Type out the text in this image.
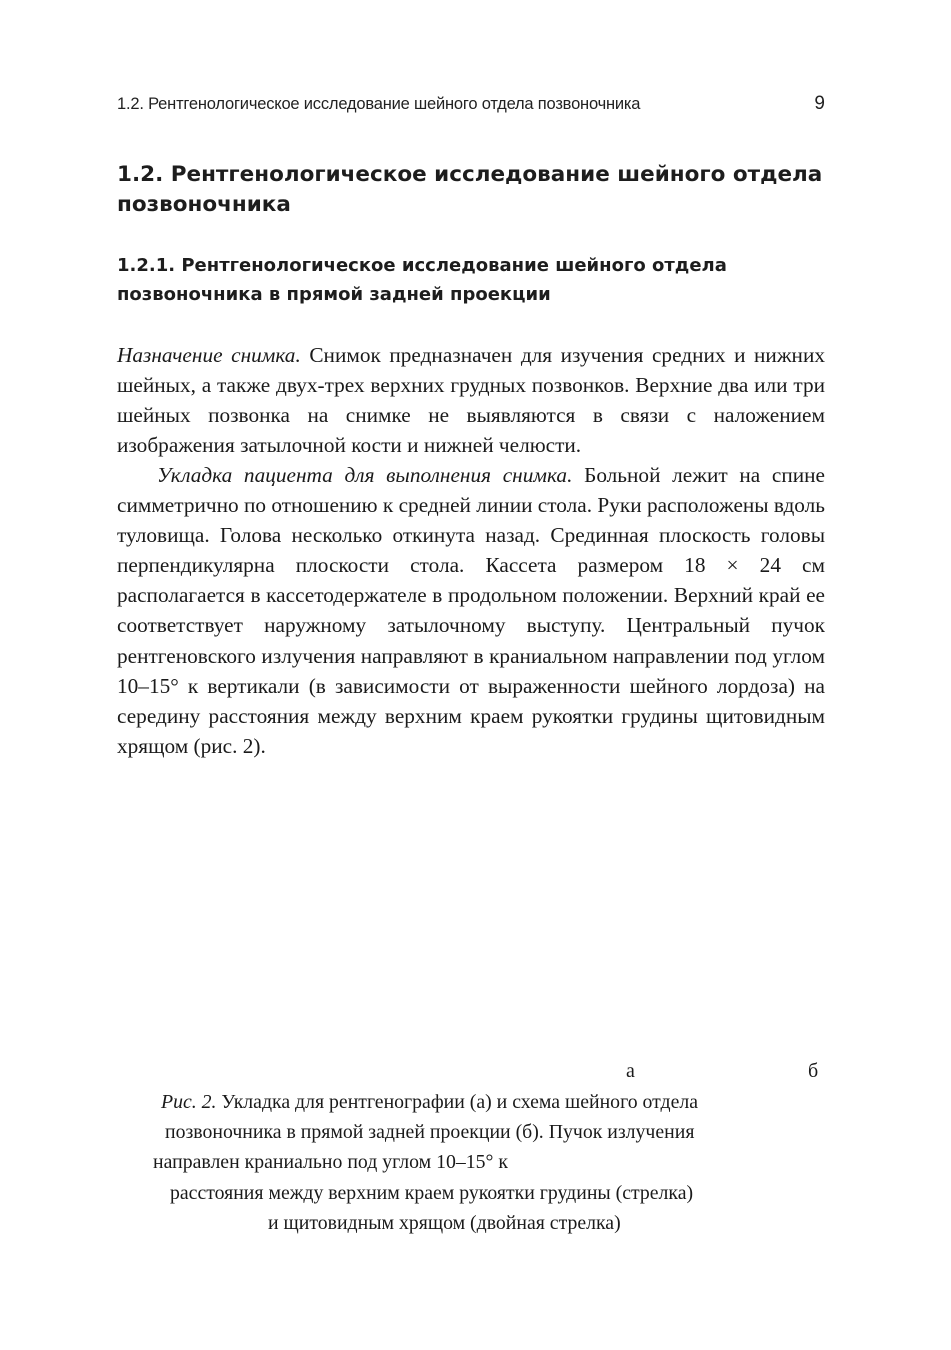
1.2. Рентгенологическое исследование шейного отдела позвоночника	9
1.2. Рентгенологическое исследование шейного отдела позвоночника
1.2.1. Рентгенологическое исследование шейного отдела позвоночника в прямой задней проекции

Назначение снимка. Снимок предназначен для изучения средних и нижних шейных, а также двух-трех верхних грудных позвонков. Верхние два или три шейных позвонка на снимке не выявляются в связи с наложением изображения затылочной кости и нижней челюсти.

Укладка пациента для выполнения снимка. Больной лежит на спине симметрично по отношению к средней линии стола. Руки расположены вдоль туловища. Голова несколько откинута назад. Срединная плоскость головы перпендикулярна плоскости стола. Кассета размером 18 × 24 см располагается в кассетодержателе в продольном положении. Верхний край ее соответствует наружному затылочному выступу. Центральный пучок рентгеновского излучения направляют в краниальном направлении под углом 10–15° к вертикали (в зависимости от выраженности шейного лордоза) на середину расстояния между верхним краем рукоятки грудины щитовидным хрящом (рис. 2).

а	б
Рис. 2. Укладка для рентгенографии (а) и схема шейного отдела
позвоночника в прямой задней проекции (б). Пучок излучения
направлен краниально под углом 10–15° к
расстояния между верхним краем рукоятки грудины (стрелка)
и щитовидным хрящом (двойная стрелка)
